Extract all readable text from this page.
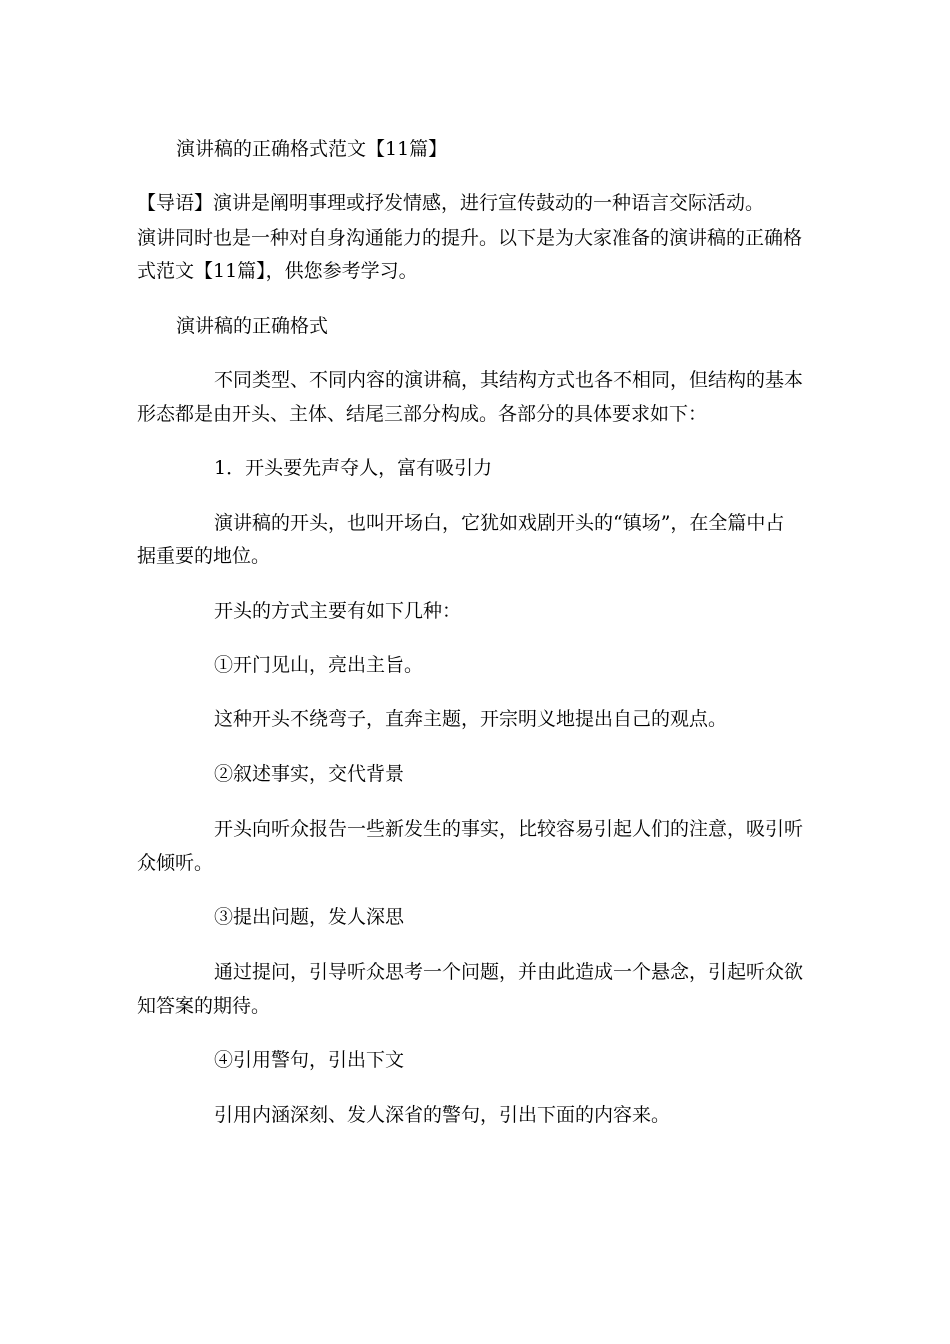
演讲稿的正确格式范文【11篇】

【导语】演讲是阐明事理或抒发情感，进行宣传鼓动的一种语言交际活动。

演讲同时也是一种对自身沟通能力的提升。以下是为大家准备的演讲稿的正确格

式范文【11篇】，供您参考学习。

演讲稿的正确格式

不同类型、不同内容的演讲稿，其结构方式也各不相同，但结构的基本

形态都是由开头、主体、结尾三部分构成。各部分的具体要求如下：

1．开头要先声夺人，富有吸引力

演讲稿的开头，也叫开场白，它犹如戏剧开头的“镇场”，在全篇中占

据重要的地位。

开头的方式主要有如下几种：

①开门见山，亮出主旨。

这种开头不绕弯子，直奔主题，开宗明义地提出自己的观点。

②叙述事实，交代背景

开头向听众报告一些新发生的事实，比较容易引起人们的注意，吸引听

众倾听。

③提出问题，发人深思

通过提问，引导听众思考一个问题，并由此造成一个悬念，引起听众欲

知答案的期待。

④引用警句，引出下文

引用内涵深刻、发人深省的警句，引出下面的内容来。
